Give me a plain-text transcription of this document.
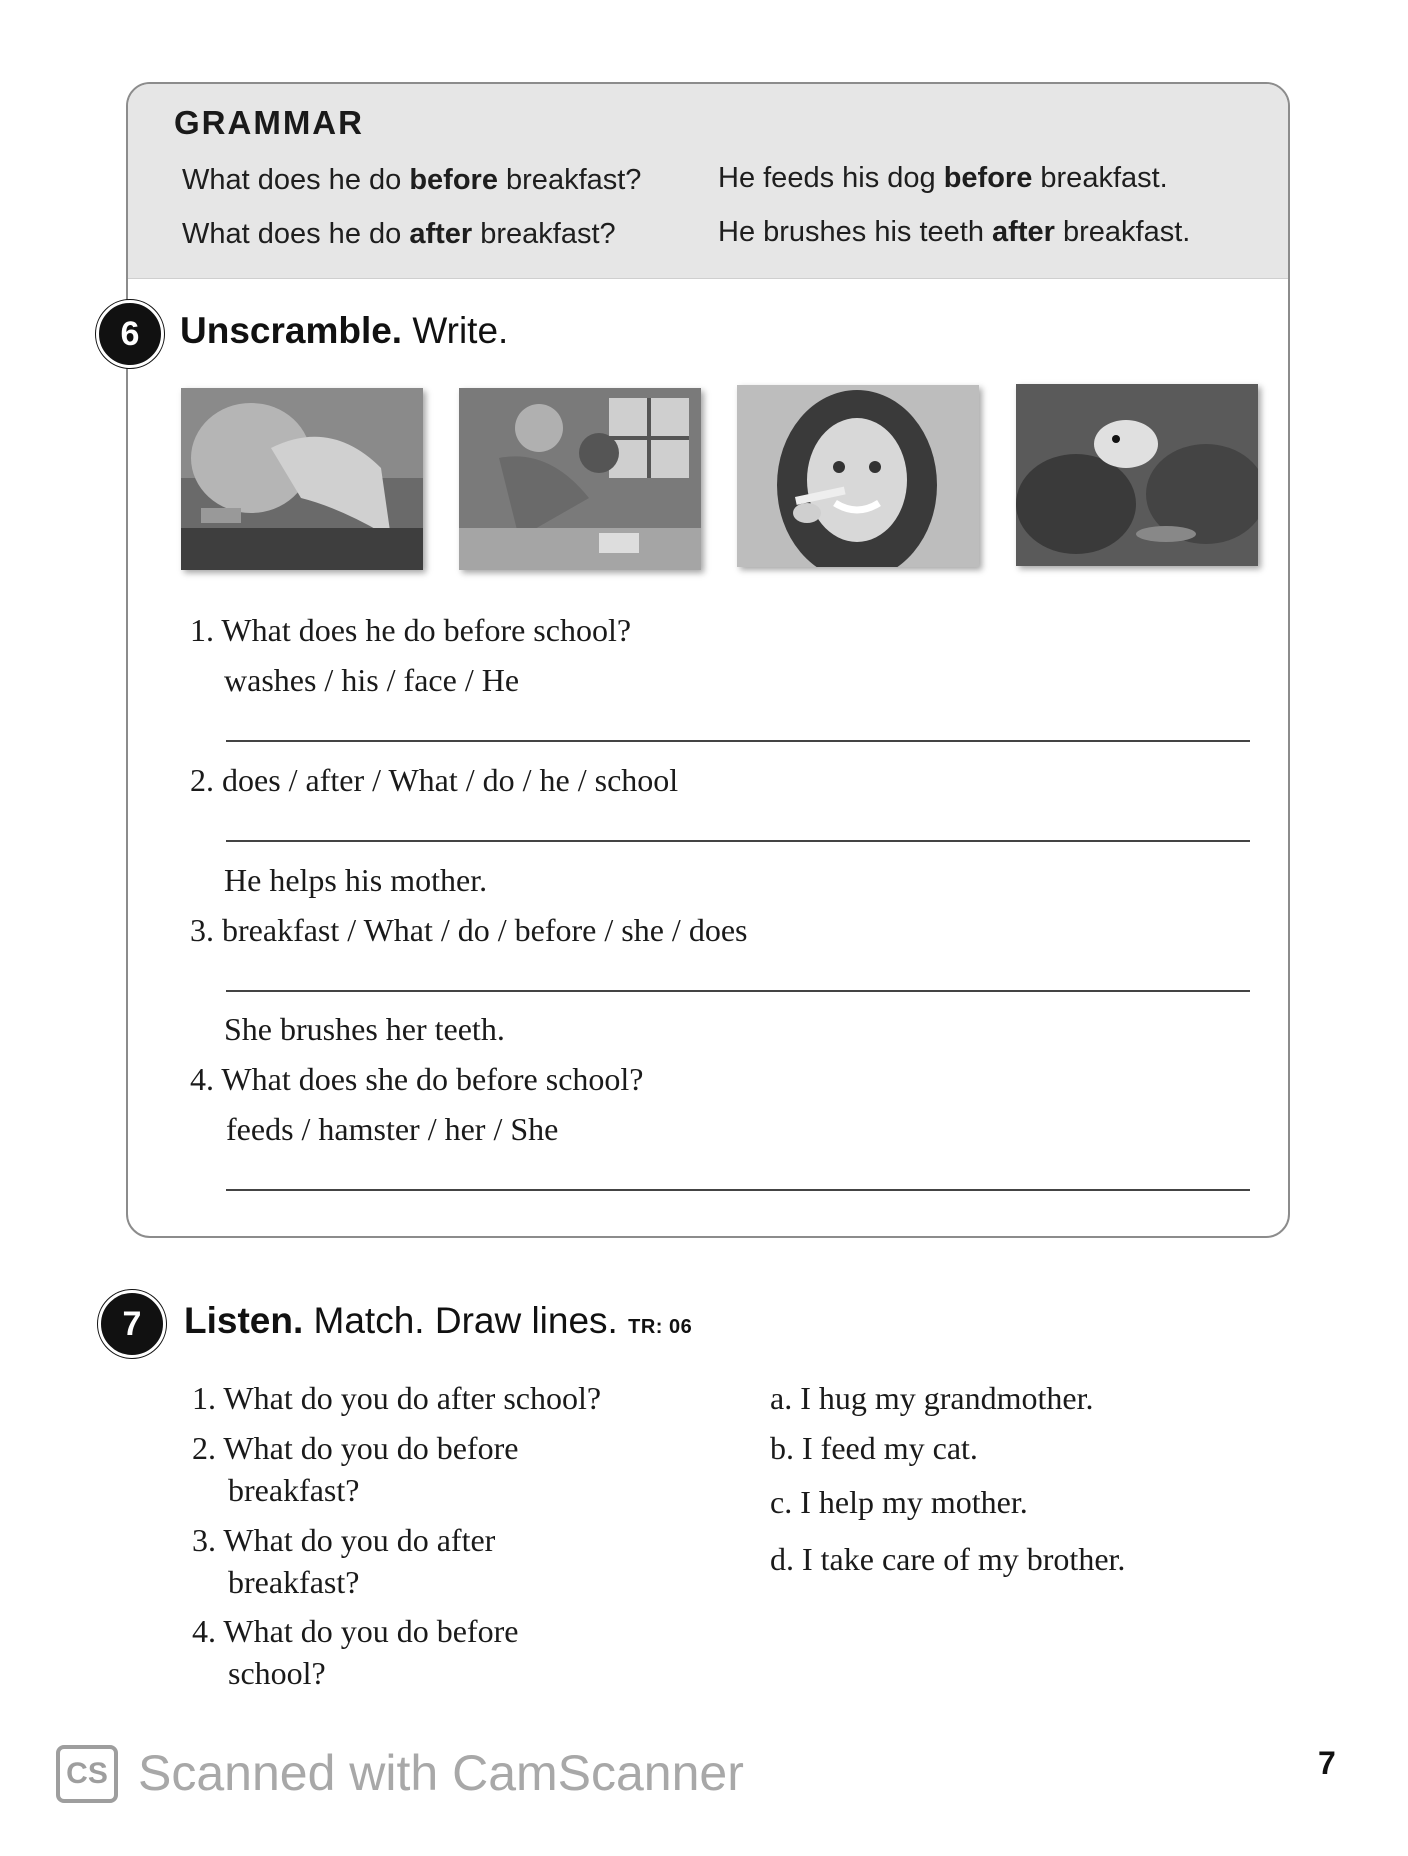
GRAMMAR
What does he do before breakfast?	He feeds his dog before breakfast.
What does he do after breakfast?	He brushes his teeth after breakfast.
6	Unscramble. Write.
1. What does he do before school?
washes / his / face / He
2. does / after / What / do / he / school
He helps his mother.
3. breakfast / What / do / before / she / does
She brushes her teeth.
4. What does she do before school?
feeds / hamster / her / She
7	Listen. Match. Draw lines. TR: 06
1. What do you do after school?
2. What do you do before
breakfast?
3. What do you do after
breakfast?
4. What do you do before
school?
a. I hug my grandmother.
b. I feed my cat.
c. I help my mother.
d. I take care of my brother.
CS Scanned with CamScanner	7
